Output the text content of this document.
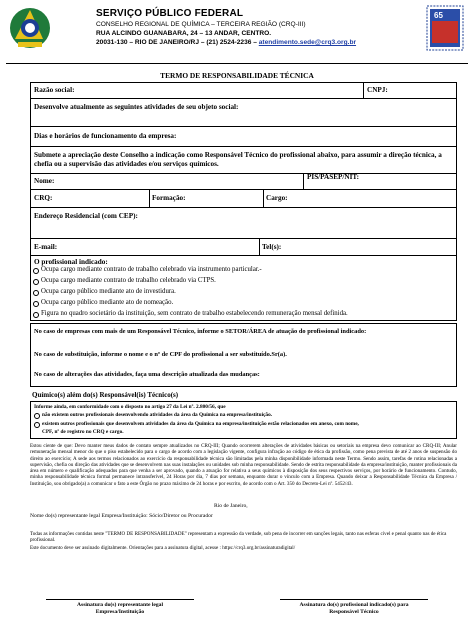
SERVIÇO PÚBLICO FEDERAL
CONSELHO REGIONAL DE QUÍMICA – TERCEIRA REGIÃO (CRQ-III)
RUA ALCINDO GUANABARA, 24 – 13 ANDAR, CENTRO.
20031-130 – RIO DE JANEIRO/RJ – (21) 2524-2236 – atendimento.sede@crq3.org.br
65
TERMO DE RESPONSABILIDADE TÉCNICA
Razão social:	CNPJ:
Desenvolve atualmente as seguintes atividades de seu objeto social:
Dias e horários de funcionamento da empresa:
Submete a apreciação deste Conselho a indicação como Responsável Técnico do profissional abaixo, para assumir a direção técnica, a chefia ou a supervisão das atividades e/ou serviços químicos.
Nome:	PIS/PASEP/NIT:
CRQ:	Formação:	Cargo:
Endereço Residencial (com CEP):
E-mail:	Tel(s):
O profissional indicado:
Ocupa cargo mediante contrato de trabalho celebrado via instrumento particular.-
Ocupa cargo mediante contrato de trabalho celebrado via CTPS.
Ocupa cargo público mediante ato de investidura.
Ocupa cargo público mediante ato de nomeação.
Figura no quadro societário da instituição, sem contrato de trabalho estabelecendo remuneração mensal definida.
No caso de empresas com mais de um Responsável Técnico, informe o SETOR/ÁREA de atuação do profissional indicado:
No caso de substituição, informe o nome e o nº de CPF do profissional a ser substituído.Sr(a).
No caso de alterações das atividades, faça uma descrição atualizada das mudanças:
Químico(s) além do(s) Responsável(is) Técnico(s)
Informe ainda, em conformidade com o disposto no artigo 27 da Lei nº. 2.800/56, que
não existem outros profissionais desenvolvendo atividades da área da Química na empresa/instituição.
existem outros profissionais que desenvolvem atividades da área da Química na empresa/instituição estão relacionados em anexo, com nome,
CPF, nº de registro no CRQ e cargo.
Estou ciente de que: Devo manter meus dados de contato sempre atualizados no CRQ-III; Quando ocorrerem alterações de atividades básicas ou setoriais na empresa devo comunicar ao CRQ-III; Anular remuneração mensal menor do que o piso estabelecido para o cargo de acordo com a legislação vigente, configura infração ao código de ética da profissão, como pena prevista de até 2 anos de suspensão do direito ao exercício; A sede aos termos relacionados ao exercício da responsabilidade técnica são limitadas pela minha disponibilidade informada neste Termo. Sendo assim, tarefas de rotina relacionadas a supervisão, chefia ou direção das atividades que se desenvolvem nas suas instalações ou unidades sob minha responsabilidade. Sendo de estrita responsabilidade da empresa/instituição, manter profissionais da área em número e qualificação adequados para que venha a ser aprovado, quando a atuação for relativa a seus químicos à disposição dos seus respectivos serviços, por horário de funcionamento. Contudo, minha responsabilidade técnica formal permanece intransferível, 24 Horas por dia, 7 dias por semana, enquanto durar o vínculo com a Empresa. Quando deixar a Responsabilidade Técnica da Empresa / Instituição, sou obrigado(a) a comunicar o fato a este Órgão no prazo máximo de 24 horas e por escrito, de acordo com o Art. 350 do Decreto-Lei nº. 5452/43.
Rio de Janeiro,
Nome do(s) representante legal Empresa/Instituição: Sócio/Diretor ou Procurador
Todas as informações contidas neste "TERMO DE RESPONSABILIDADE" representam a expressão da verdade, sob pena de incorrer em sanções legais, tanto nas esferas cível e penal quanto nas de ética profissional.
Este documento deve ser assinado digitalmente. Orientações para a assinatura digital, acesse : https://crq3.org.br/assinaturadigital/
Assinatura do(s) representante legal
Empresa/Instituição
Assinatura do(s) profissional indicado(s) para
Responsável Técnico
